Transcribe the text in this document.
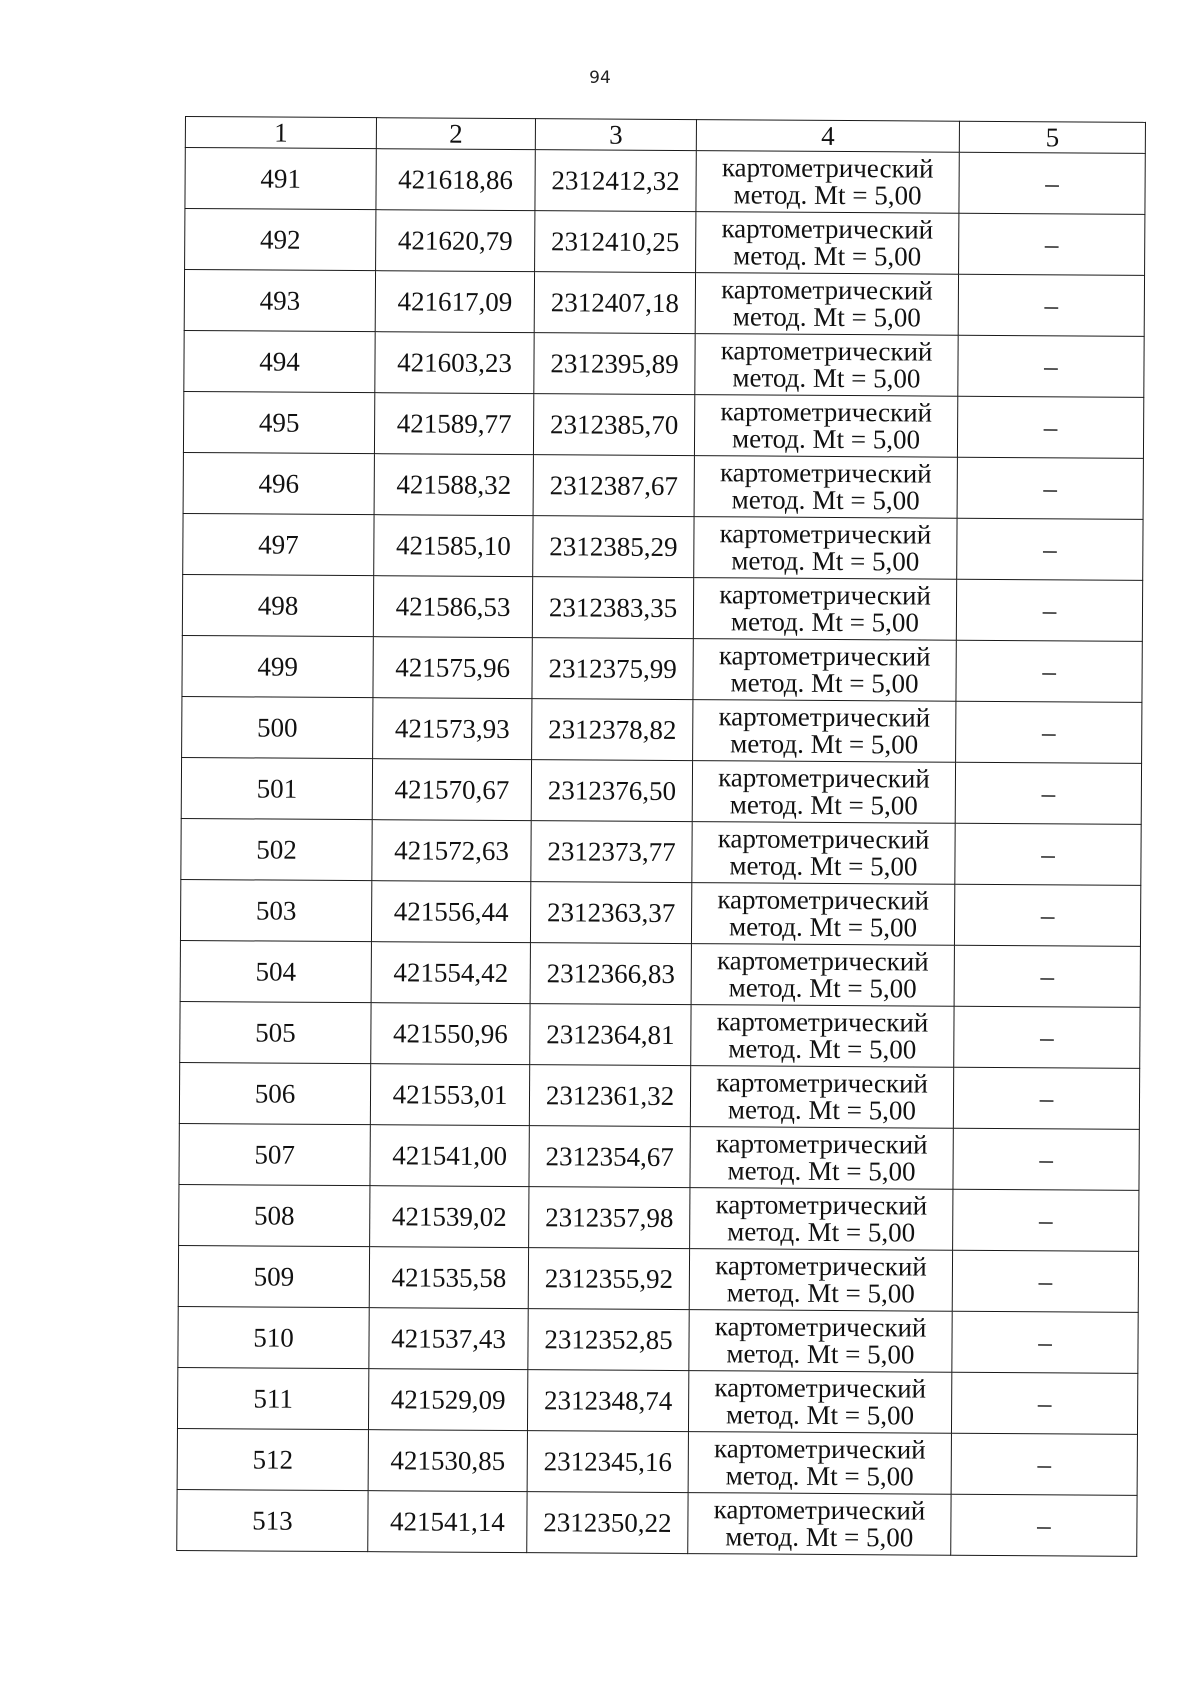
94
1	2	3	4	5
491	421618,86	2312412,32	картометрический
метод. Mt = 5,00	–
492	421620,79	2312410,25	картометрический
метод. Mt = 5,00	–
493	421617,09	2312407,18	картометрический
метод. Mt = 5,00	–
494	421603,23	2312395,89	картометрический
метод. Mt = 5,00	–
495	421589,77	2312385,70	картометрический
метод. Mt = 5,00	–
496	421588,32	2312387,67	картометрический
метод. Mt = 5,00	–
497	421585,10	2312385,29	картометрический
метод. Mt = 5,00	–
498	421586,53	2312383,35	картометрический
метод. Mt = 5,00	–
499	421575,96	2312375,99	картометрический
метод. Mt = 5,00	–
500	421573,93	2312378,82	картометрический
метод. Mt = 5,00	–
501	421570,67	2312376,50	картометрический
метод. Mt = 5,00	–
502	421572,63	2312373,77	картометрический
метод. Mt = 5,00	–
503	421556,44	2312363,37	картометрический
метод. Mt = 5,00	–
504	421554,42	2312366,83	картометрический
метод. Mt = 5,00	–
505	421550,96	2312364,81	картометрический
метод. Mt = 5,00	–
506	421553,01	2312361,32	картометрический
метод. Mt = 5,00	–
507	421541,00	2312354,67	картометрический
метод. Mt = 5,00	–
508	421539,02	2312357,98	картометрический
метод. Mt = 5,00	–
509	421535,58	2312355,92	картометрический
метод. Mt = 5,00	–
510	421537,43	2312352,85	картометрический
метод. Mt = 5,00	–
511	421529,09	2312348,74	картометрический
метод. Mt = 5,00	–
512	421530,85	2312345,16	картометрический
метод. Mt = 5,00	–
513	421541,14	2312350,22	картометрический
метод. Mt = 5,00	–
